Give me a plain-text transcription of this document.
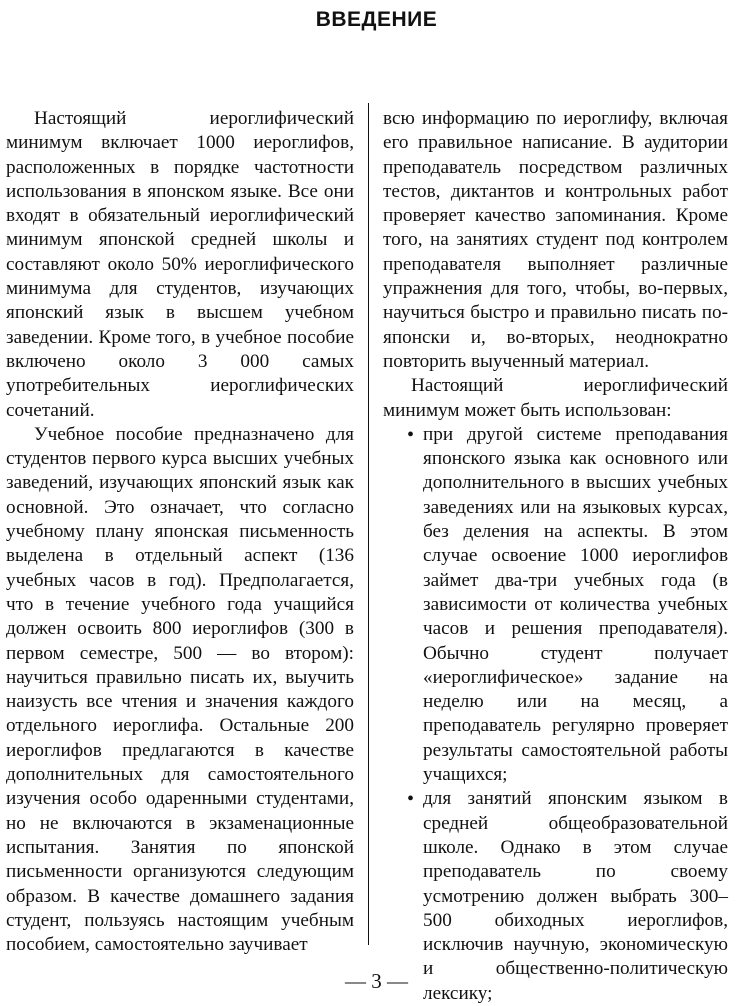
ВВЕДЕНИЕ

Настоящий иероглифический минимум включает 1000 иероглифов, расположенных в порядке частотности использования в японском языке. Все они входят в обязательный иероглифический минимум японской средней школы и составляют около 50% иероглифического минимума для студентов, изучающих японский язык в высшем учебном заведении. Кроме того, в учебное пособие включено около 3 000 самых употребительных иероглифических сочетаний.

Учебное пособие предназначено для студентов первого курса высших учебных заведений, изучающих японский язык как основной. Это означает, что согласно учебному плану японская письменность выделена в отдельный аспект (136 учебных часов в год). Предполагается, что в течение учебного года учащийся должен освоить 800 иероглифов (300 в первом семестре, 500 — во втором): научиться правильно писать их, выучить наизусть все чтения и значения каждого отдельного иероглифа. Остальные 200 иероглифов предлагаются в качестве дополнительных для самостоятельного изучения особо одаренными студентами, но не включаются в экзаменационные испытания. Занятия по японской письменности организуются следующим образом. В качестве домашнего задания студент, пользуясь настоящим учебным пособием, самостоятельно заучивает

всю информацию по иероглифу, включая его правильное написание. В аудитории преподаватель посредством различных тестов, диктантов и контрольных работ проверяет качество запоминания. Кроме того, на занятиях студент под контролем преподавателя выполняет различные упражнения для того, чтобы, во-первых, научиться быстро и правильно писать по-японски и, во-вторых, неоднократно повторить выученный материал.

Настоящий иероглифический минимум может быть использован:

• при другой системе преподавания японского языка как основного или дополнительного в высших учебных заведениях или на языковых курсах, без деления на аспекты. В этом случае освоение 1000 иероглифов займет два-три учебных года (в зависимости от количества учебных часов и решения преподавателя). Обычно студент получает «иероглифическое» задание на неделю или на месяц, а преподаватель регулярно проверяет результаты самостоятельной работы учащихся;
• для занятий японским языком в средней общеобразовательной школе. Однако в этом случае преподаватель по своему усмотрению должен выбрать 300–500 обиходных иероглифов, исключив научную, экономическую и общественно-политическую лексику;
— 3 —
